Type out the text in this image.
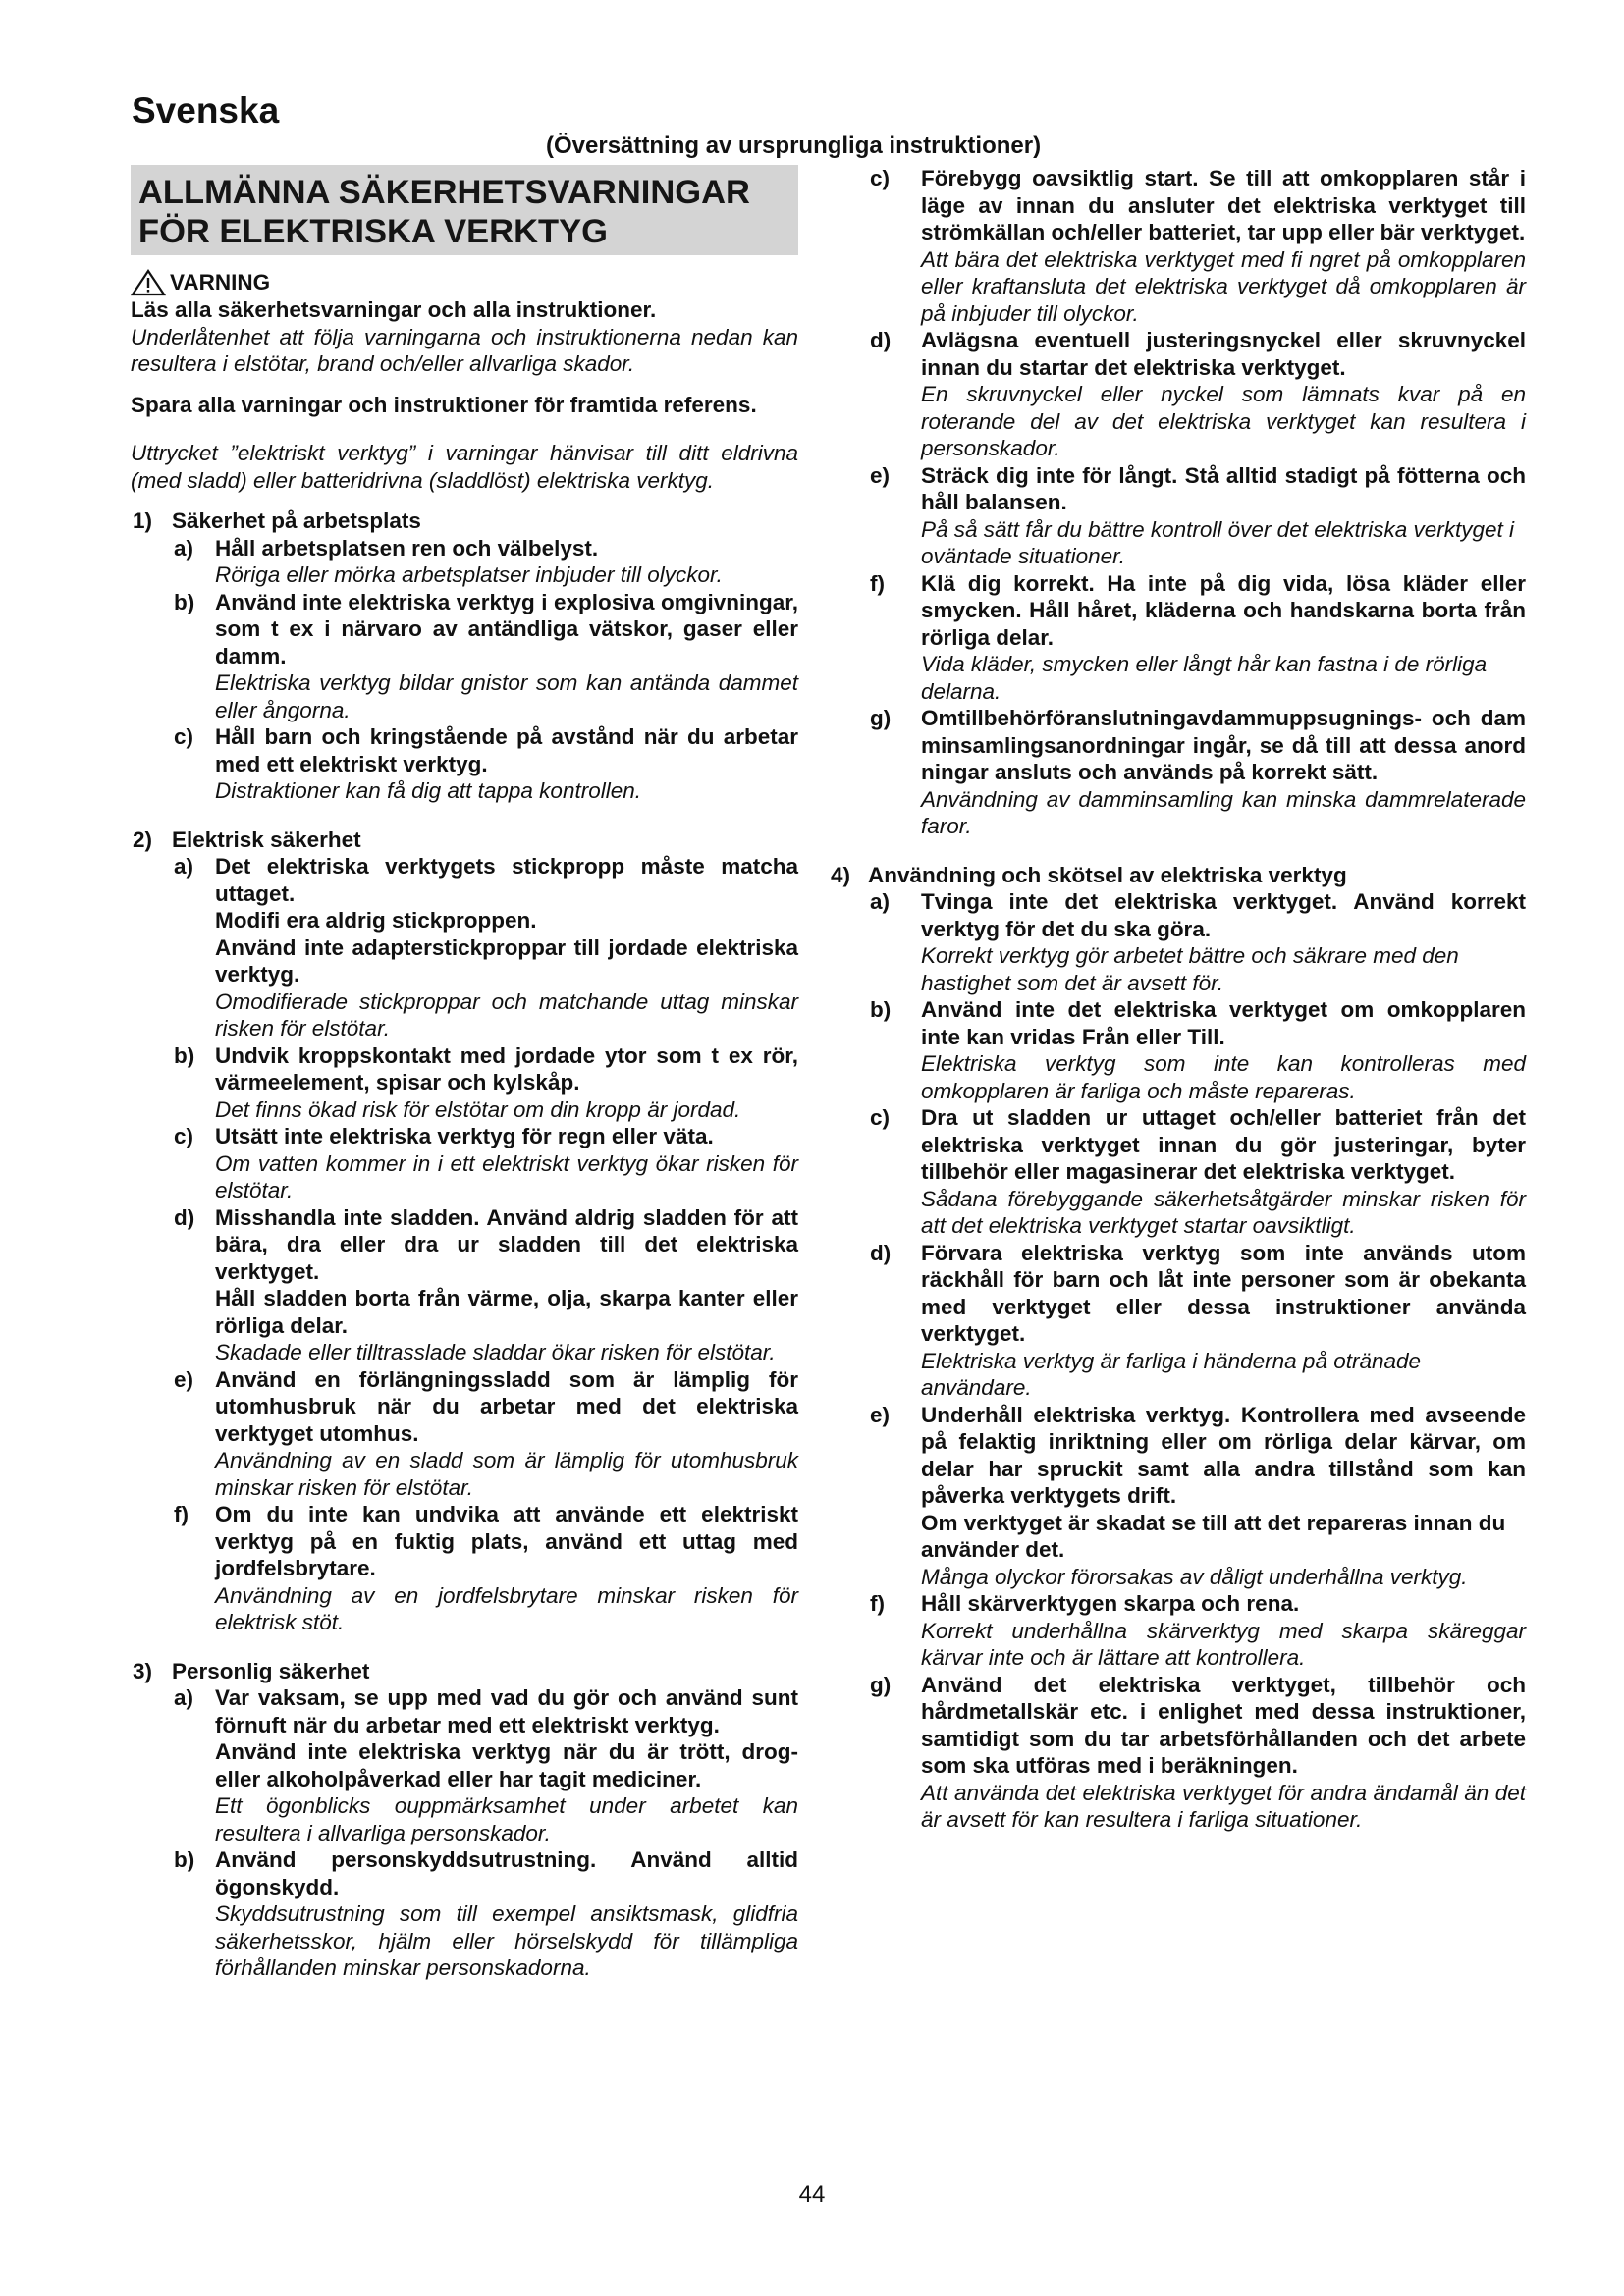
Svenska
(Översättning av ursprungliga instruktioner)
ALLMÄNNA SÄKERHETSVARNINGAR
FÖR ELEKTRISKA VERKTYG
VARNING

Läs alla säkerhetsvarningar och alla instruktioner.

Underlåtenhet att följa varningarna och instruktionerna nedan kan resultera i elstötar, brand och/eller allvarliga skador.

Spara alla varningar och instruktioner för framtida referens.

Uttrycket ”elektriskt verktyg” i varningar hänvisar till ditt eldrivna (med sladd) eller batteridrivna (sladdlöst) elektriska verktyg.

1) Säkerhet på arbetsplats
a) Håll arbetsplatsen ren och välbelyst.

Röriga eller mörka arbetsplatser inbjuder till olyckor.

b) Använd inte elektriska verktyg i explosiva omgivningar, som t ex i närvaro av antändliga vätskor, gaser eller damm.

Elektriska verktyg bildar gnistor som kan antända dammet eller ångorna.

c) Håll barn och kringstående på avstånd när du arbetar med ett elektriskt verktyg.

Distraktioner kan få dig att tappa kontrollen.

2) Elektrisk säkerhet
a) Det elektriska verktygets stickpropp måste matcha uttaget.

Modifi era aldrig stickproppen.

Använd inte adapterstickproppar till jordade elektriska verktyg.

Omodifierade stickproppar och matchande uttag minskar risken för elstötar.

b) Undvik kroppskontakt med jordade ytor som t ex rör, värmeelement, spisar och kylskåp.

Det finns ökad risk för elstötar om din kropp är jordad.

c) Utsätt inte elektriska verktyg för regn eller väta.

Om vatten kommer in i ett elektriskt verktyg ökar risken för elstötar.

d) Misshandla inte sladden. Använd aldrig sladden för att bära, dra eller dra ur sladden till det elektriska verktyget.

Håll sladden borta från värme, olja, skarpa kanter eller rörliga delar.

Skadade eller tilltrasslade sladdar ökar risken för elstötar.

e) Använd en förlängningssladd som är lämplig för utomhusbruk när du arbetar med det elektriska verktyget utomhus.

Användning av en sladd som är lämplig för utomhusbruk minskar risken för elstötar.

f)	Om du inte kan undvika att använde ett elektriskt verktyg på en fuktig plats, använd ett uttag med jordfelsbrytare.

Användning av en jordfelsbrytare minskar risken för elektrisk stöt.

3) Personlig säkerhet
a) Var vaksam, se upp med vad du gör och använd sunt förnuft när du arbetar med ett elektriskt verktyg.

Använd inte elektriska verktyg när du är trött, drog- eller alkoholpåverkad eller har tagit mediciner.

Ett ögonblicks ouppmärksamhet under arbetet kan resultera i allvarliga personskador.

b) Använd personskyddsutrustning. Använd alltid ögonskydd.

Skyddsutrustning som till exempel ansiktsmask, glidfria säkerhetsskor, hjälm eller hörselskydd för tillämpliga förhållanden minskar personskadorna.

c)	Förebygg oavsiktlig start. Se till att omkopplaren står i läge av innan du ansluter det elektriska verktyget till strömkällan och/eller batteriet, tar upp eller bär verktyget.

Att bära det elektriska verktyget med fi ngret på omkopplaren eller kraftansluta det elektriska verktyget då omkopplaren är på inbjuder till olyckor.

d)	Avlägsna eventuell justeringsnyckel eller skruvnyckel innan du startar det elektriska verktyget.

En skruvnyckel eller nyckel som lämnats kvar på en roterande del av det elektriska verktyget kan resultera i personskador.

e)	Sträck dig inte för långt. Stå alltid stadigt på fötterna och håll balansen.

På så sätt får du bättre kontroll över det elektriska verktyget i oväntade situationer.

f)	Klä dig korrekt. Ha inte på dig vida, lösa kläder eller smycken. Håll håret, kläderna och handskarna borta från rörliga delar.

Vida kläder, smycken eller långt hår kan fastna i de rörliga delarna.

g)	Omtillbehörföranslutningavdammuppsugnings- och damminsamlingsanordningar ingår, se då till att dessa anordningar ansluts och används på korrekt sätt.

Användning av damminsamling kan minska dammrelaterade faror.

4) Användning och skötsel av elektriska verktyg
a)	Tvinga inte det elektriska verktyget. Använd korrekt verktyg för det du ska göra.

Korrekt verktyg gör arbetet bättre och säkrare med den hastighet som det är avsett för.

b)	Använd inte det elektriska verktyget om omkopplaren inte kan vridas Från eller Till.

Elektriska verktyg som inte kan kontrolleras med omkopplaren är farliga och måste repareras.

c)	Dra ut sladden ur uttaget och/eller batteriet från det elektriska verktyget innan du gör justeringar, byter tillbehör eller magasinerar det elektriska verktyget.

Sådana förebyggande säkerhetsåtgärder minskar risken för att det elektriska verktyget startar oavsiktligt.

d)	Förvara elektriska verktyg som inte används utom räckhåll för barn och låt inte personer som är obekanta med verktyget eller dessa instruktioner använda verktyget.

Elektriska verktyg är farliga i händerna på otränade användare.

e)	Underhåll elektriska verktyg. Kontrollera med avseende på felaktig inriktning eller om rörliga delar kärvar, om delar har spruckit samt alla andra tillstånd som kan påverka verktygets drift.

Om verktyget är skadat se till att det repareras innan du använder det.

Många olyckor förorsakas av dåligt underhållna verktyg.

f)	Håll skärverktygen skarpa och rena.

Korrekt underhållna skärverktyg med skarpa skäreggar kärvar inte och är lättare att kontrollera.

g)	Använd det elektriska verktyget, tillbehör och hårdmetallskär etc. i enlighet med dessa instruktioner, samtidigt som du tar arbetsförhållanden och det arbete som ska utföras med i beräkningen.

Att använda det elektriska verktyget för andra ändamål än det är avsett för kan resultera i farliga situationer.

44
